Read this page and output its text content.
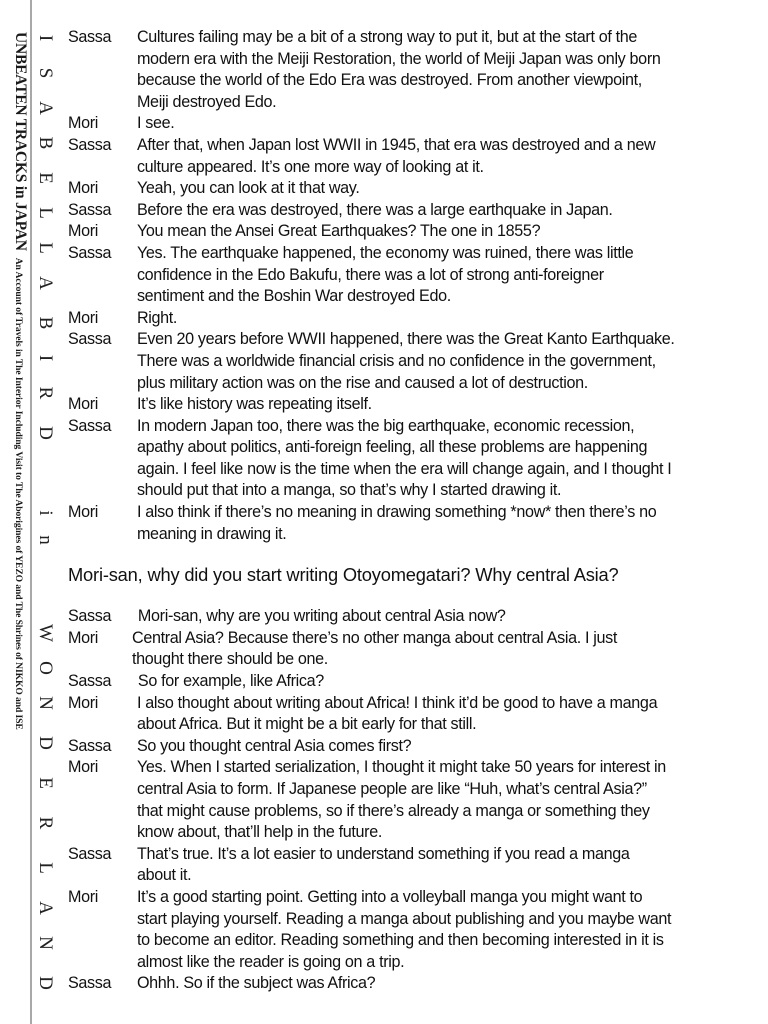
UNBEATEN TRACKS in JAPAN An Account of Travels in The Interior Including Visit to The Aborigines of YEZO and The Shrines of NIKKO and ISE
I
S
A
B
E
L
L
A
B
I
R
D
i
n
W
O
N
D
E
R
L
A
N
D
Sassa	Cultures failing may be a bit of a strong way to put it, but at the start of the
modern era with the Meiji Restoration, the world of Meiji Japan was only born
because the world of the Edo Era was destroyed. From another viewpoint,
Meiji destroyed Edo.
Mori	I see.
Sassa	After that, when Japan lost WWII in 1945, that era was destroyed and a new
culture appeared. It’s one more way of looking at it.
Mori	Yeah, you can look at it that way.
Sassa	Before the era was destroyed, there was a large earthquake in Japan.
Mori	You mean the Ansei Great Earthquakes? The one in 1855?
Sassa	Yes. The earthquake happened, the economy was ruined, there was little
confidence in the Edo Bakufu, there was a lot of strong anti-foreigner
sentiment and the Boshin War destroyed Edo.
Mori	Right.
Sassa	Even 20 years before WWII happened, there was the Great Kanto Earthquake.
There was a worldwide financial crisis and no confidence in the government,
plus military action was on the rise and caused a lot of destruction.
Mori	It’s like history was repeating itself.
Sassa	In modern Japan too, there was the big earthquake, economic recession,
apathy about politics, anti-foreign feeling, all these problems are happening
again. I feel like now is the time when the era will change again, and I thought I
should put that into a manga, so that’s why I started drawing it.
Mori	I also think if there’s no meaning in drawing something *now* then there’s no
meaning in drawing it.
Mori-san, why did you start writing Otoyomegatari? Why central Asia?
Sassa	Mori-san, why are you writing about central Asia now?
Mori	Central Asia? Because there’s no other manga about central Asia. I just
thought there should be one.
Sassa	So for example, like Africa?
Mori	I also thought about writing about Africa! I think it’d be good to have a manga
about Africa. But it might be a bit early for that still.
Sassa	So you thought central Asia comes first?
Mori	Yes. When I started serialization, I thought it might take 50 years for interest in
central Asia to form. If Japanese people are like “Huh, what’s central Asia?”
that might cause problems, so if there’s already a manga or something they
know about, that’ll help in the future.
Sassa	That’s true. It’s a lot easier to understand something if you read a manga
about it.
Mori	It’s a good starting point. Getting into a volleyball manga you might want to
start playing yourself. Reading a manga about publishing and you maybe want
to become an editor. Reading something and then becoming interested in it is
almost like the reader is going on a trip.
Sassa	Ohhh. So if the subject was Africa?
